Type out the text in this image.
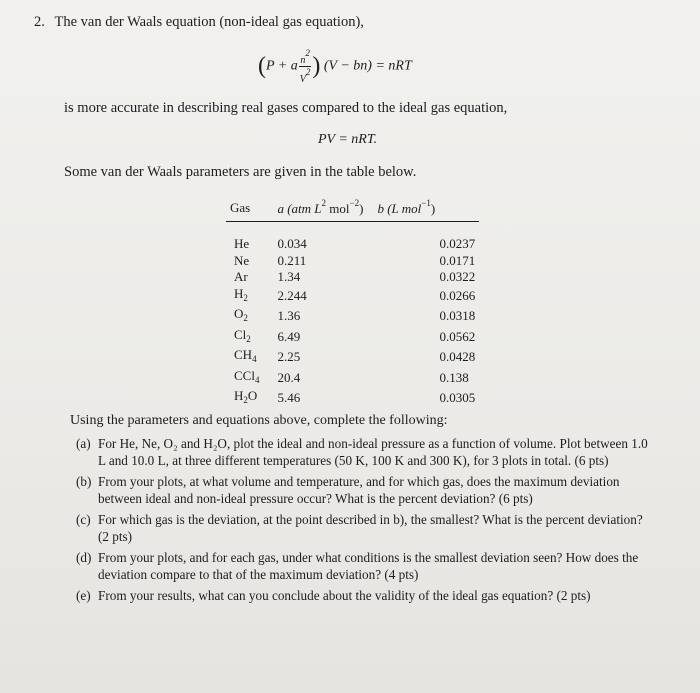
2. The van der Waals equation (non-ideal gas equation),
(P + a $\frac{n2}{V2}$ ) (V − bn) = nRT
is more accurate in describing real gases compared to the ideal gas equation,
PV = nRT.
Some van der Waals parameters are given in the table below.
Gas	a (atm $L^2$ mol$^{-2}$)	b (L mol$^{-1}$)
He	0.034	0.0237
Ne	0.211	0.0171
Ar	1.34	0.0322
$H_2$	2.244	0.0266
$O_2$	1.36	0.0318
$Cl_2$	6.49	0.0562
$CH_4$	2.25	0.0428
CCl$_4$	20.4	0.138
$H_2O$	5.46	0.0305
Using the parameters and equations above, complete the following:
(a) For He, Ne, O₂ and H₂O, plot the ideal and non-ideal pressure as a function of volume. Plot between 1.0 L and 10.0 L, at three different temperatures (50 K, 100 K and 300 K), for 3 plots in total. (6 pts)
(b) From your plots, at what volume and temperature, and for which gas, does the maximum deviation between ideal and non-ideal pressure occur? What is the percent deviation? (6 pts)
(c) For which gas is the deviation, at the point described in b), the smallest? What is the percent deviation? (2 pts)
(d) From your plots, and for each gas, under what conditions is the smallest deviation seen? How does the deviation compare to that of the maximum deviation? (4 pts)
(e) From your results, what can you conclude about the validity of the ideal gas equation? (2 pts)
